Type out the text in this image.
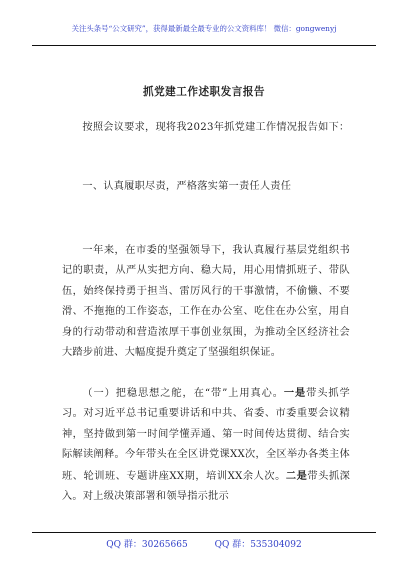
关注头条号“公文研究”，获得最新最全最专业的公文资料库！ 微信：gongwenyj
抓党建工作述职发言报告

按照会议要求，现将我2023年抓党建工作情况报告如下：

一、认真履职尽责，严格落实第一责任人责任

一年来，在市委的坚强领导下，我认真履行基层党组织书记的职责，从严从实把方向、稳大局，用心用情抓班子、带队伍，始终保持勇于担当、雷厉风行的干事激情，不偷懒、不要滑、不拖拖的工作姿态，工作在办公室、吃住在办公室，用自身的行动带动和营造浓厚干事创业氛围，为推动全区经济社会大踏步前进、大幅度提升奠定了坚强组织保证。

（一）把稳思想之舵，在“带”上用真心。一是带头抓学习。对习近平总书记重要讲话和中共、省委、市委重要会议精神，坚持做到第一时间学懂弄通、第一时间传达贯彻、结合实际解读阐释。今年带头在全区讲党课XX次，全区举办各类主体班、轮训班、专题讲座XX期，培训XX余人次。二是带头抓深入。对上级决策部署和领导指示批示

QQ 群：30265665	QQ 群：535304092
